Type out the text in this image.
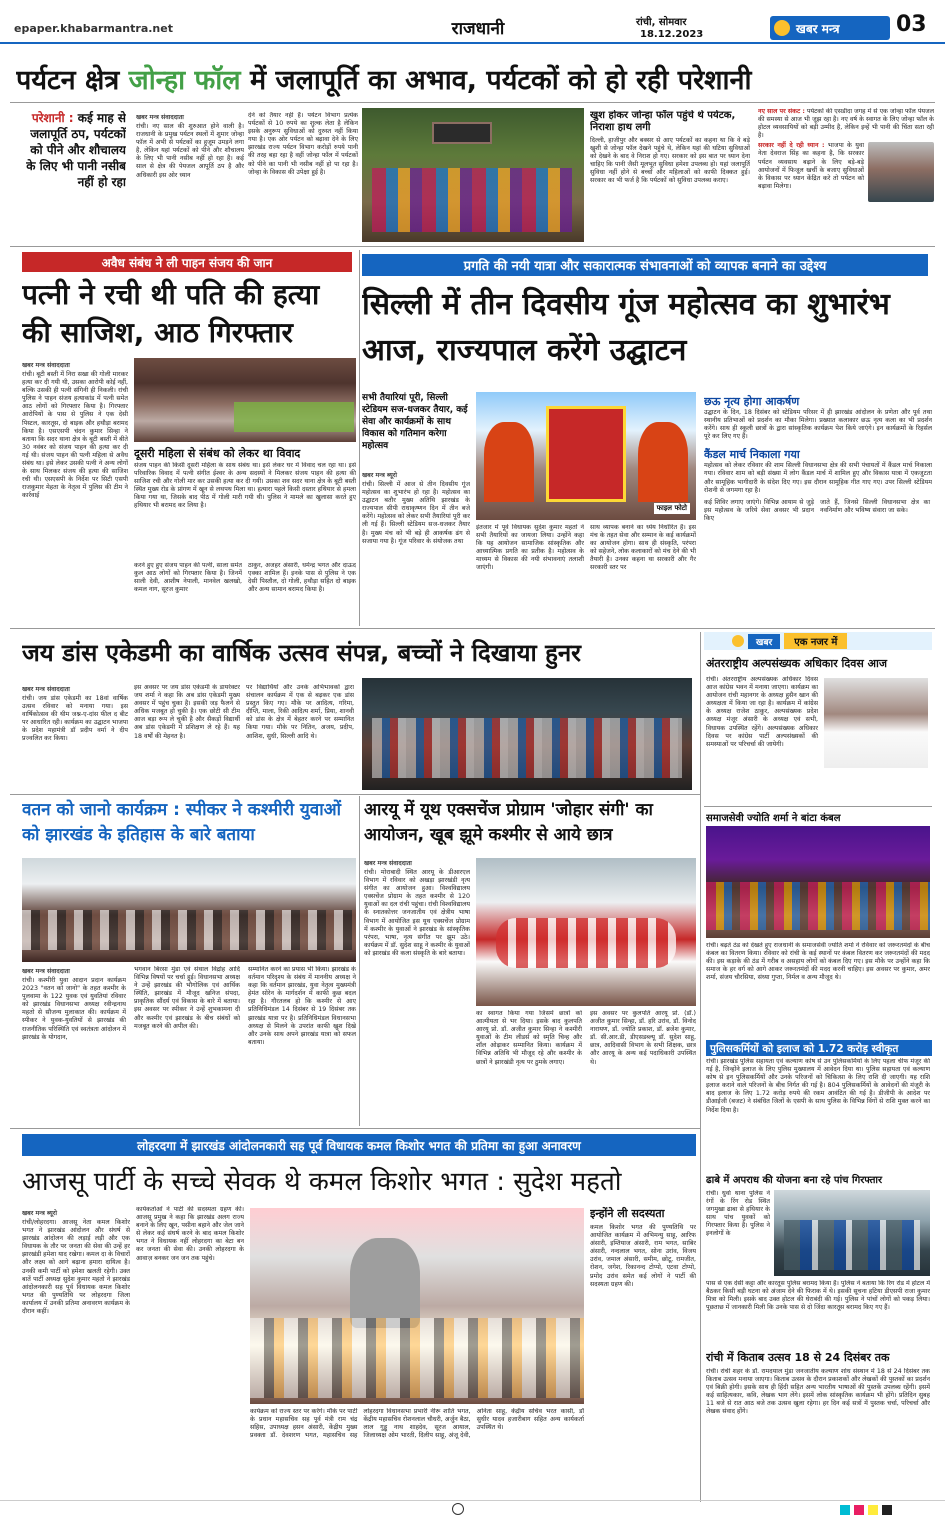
epaper.khabarmantra.net	राजधानी	रांची, सोमवार
18.12.2023	खबर मन्त्र	03
पर्यटन क्षेत्र जोन्हा फॉल में जलापूर्ति का अभाव, पर्यटकों को हो रही परेशानी
परेशानी : कई माह से जलापूर्ति ठप, पर्यटकों को पीने और शौचालय के लिए भी पानी नसीब नहीं हो रहा
खबर मन्त्र संवाददाता
रांची। नए साल की शुरुआत होने वाली है। राजधानी के प्रमुख पर्यटन स्थलों में शुमार जोन्हा फॉल में अभी से पर्यटकों का हुजूम उमड़ने लगा है, लेकिन यहां पर्यटकों को पीने और शौचालय के लिए भी पानी नसीब नहीं हो रहा है। कई साल से क्षेत्र की पेयजल आपूर्ति ठप है और अधिकारी इस ओर ध्यान
देने को तैयार नहीं हैं। पर्यटन विभाग प्रत्येक पर्यटकों से 10 रुपये का शुल्क लेता है लेकिन इसके अनुरूप सुविधाओं को दुरुस्त नहीं किया गया है। एक ओर पर्यटन को बढ़ावा देने के लिए झारखंड राज्य पर्यटन विभाग करोड़ों रुपये पानी की तरह बहा रहा है वहीं जोन्हा फॉल में पर्यटकों को पीने का पानी भी नसीब नहीं हो पा रहा है। जोन्हा के विकास की उपेक्षा हुई है।
खुश होकर जोन्हा फॉल पहुंचे थे पर्यटक, निराशा हाथ लगी
दिल्ली, हाजीपुर और बक्सर से आए पर्यटकों का कहना था कि वे बड़े खुशी से जोन्हा फॉल देखने पहुंचे थे, लेकिन यहां की घटिया सुविधाओं को देखने के बाद वे निराश हो गए। सरकार को इस बात पर ध्यान देना चाहिए कि पानी जैसी मूलभूत सुविधा हमेशा उपलब्ध हो। यहां जलापूर्ति सुविधा नहीं होने से बच्चों और महिलाओं को काफी दिक्कत हुई। सरकार का भी फर्ज है कि पर्यटकों को सुविधा उपलब्ध कराए।
नए साल पर संकट : पर्यटकों की एसडीदा जगह में से एक जोन्हा फॉल पेयजल की समस्या से आज भी जूझ रहा है। नए वर्ष के स्वागत के लिए जोन्हा फॉल के होटल व्यवसायियों को बड़ी उम्मीद है, लेकिन इन्हें भी पानी की चिंता सता रही है।
सरकार नहीं दे रही ध्यान : भाजपा के युवा नेता देवराज सिंह का कहना है, कि सरकार पर्यटन व्यवसाय बढ़ाने के लिए बड़े-बड़े आयोजनों में फिजूल खर्ची के बजाए सुविधाओं के विकास पर ध्यान केंद्रित करे तो पर्यटन को बढ़ावा मिलेगा।
अवैध संबंध ने ली पाहन संजय की जान
पत्नी ने रची थी पति की हत्या की साजिश, आठ गिरफ्तार
खबर मन्त्र संवाददाता
रांची। बूटी बस्ती में निरा सखा की गोली मारकर हत्या कर दी गयी थी, उसका आरोपी कोई नहीं, बल्कि उसकी ही पत्नी संगिनी ही निकली। रांची पुलिस ने पाहन संजय हत्याकांड में पत्नी समेत आठ लोगों को गिरफ्तार किया है। गिरफ्तार आरोपियों के पास से पुलिस ने एक देसी पिस्टल, कारतूस, दो बाइक और हथौड़ा बरामद किया है। एसएसपी चंदन कुमार सिन्हा ने बताया कि सदर थाना क्षेत्र के बूटी बस्ती में बीते 30 नवंबर को संजय पाहन की हत्या कर दी गई थी। संजय पाहन की पत्नी महिला से अवैध संबंध था। इसे लेकर उसकी पत्नी ने अन्य लोगों के साथ मिलकर संजय की हत्या की साजिश रची थी। एसएसपी के निर्देश पर सिटी एसपी राजकुमार मेहता के नेतृत्व में पुलिस की टीम ने कार्रवाई
दूसरी महिला से संबंध को लेकर था विवाद
संजय पाहन की किसी दूसरी महिला के साथ संबंध था। इसे लेकर घर में विवाद चल रहा था। इसे परिवारिक विवाद में पत्नी संगीत ईश्वर के अन्य सदस्यों ने मिलकर संजय पाहन की हत्या की साजिश रची और गोली मार कर उसकी हत्या कर दी गयी। उसका शव सदर थाना क्षेत्र के बूटी बस्ती स्थित मुख्य रोड के प्रांगण में खून से लथपथ मिला था। हत्यारा पहले किसी दस्तार हथियार से हमला किया गया था, जिसके बाद पीठ में गोली मारी गयी थी। पुलिस ने मामले का खुलासा करते हुए हथियार भी बरामद कर लिया है।
करने हुए हुए संजय पाहन की पत्नी, साला समेत कुल आठ लोगों को गिरफ्तार किया है। जिनमें साली देवी, आशीष नेपाली, मानवेल खलखो, कमल नाग, सूरज कुमार
ठाकुर, अजहर अंसारी, धर्मेन्द्र भगत और दाऊद एक्का शामिल हैं। इनके पास से पुलिस ने एक देसी पिस्तौल, दो गोली, हथौड़ा सहित दो बाइक और अन्य सामान बरामद किया है।
प्रगति की नयी यात्रा और सकारात्मक संभावनाओं को व्यापक बनाने का उद्देश्य
सिल्ली में तीन दिवसीय गूंज महोत्सव का शुभारंभ आज, राज्यपाल करेंगे उद्घाटन
सभी तैयारियां पूरी, सिल्ली स्टेडियम सज-धजकर तैयार, कई सेवा और कार्यक्रमों के साथ विकास को गतिमान करेगा महोत्सव
खबर मन्त्र ब्यूरो
रांची। सिल्ली में आज से तीन दिवसीय गूंज महोत्सव का शुभारंभ हो रहा है। महोत्सव का उद्घाटन बतौर मुख्य अतिथि झारखंड के राज्यपाल सीपी राधाकृष्णन दिन में तीन बजे करेंगे। महोत्सव को लेकर सभी तैयारियां पूरी कर ली गई हैं। सिल्ली स्टेडियम सज-धजकर तैयार है। मुख्य मंच को भी बड़े ही आकर्षक ढंग से सजाया गया है। गूंज परिवार के संयोजक तथा
फाइल फोटो
इंतजार में पूर्व विधायक सुदेश कुमार महतो ने सभी तैयारियों का जायजा लिया। उन्होंने कहा कि यह आयोजन सामाजिक सांस्कृतिक और आध्यात्मिक प्रगति का प्रतीक है। महोत्सव के माध्यम से विकास की नयी संभावनाएं तलाशी जाएंगी।
साथ व्यापक बनाने का ध्येय निर्धारित है। इस मंच के तहत सेवा और सम्मान के कई कार्यक्रमों का आयोजन होगा। साथ ही संस्कृति, परंपरा को सहेजने, लोक कलाकारों को मंच देने की भी तैयारी है। उनका कहना था सरकारी और गैर सरकारी स्तर पर
छऊ नृत्य होगा आकर्षण
उद्घाटन के दिन, 18 दिसंबर को स्टेडियम परिसर में ही झारखंड आंदोलन के प्रणेता और पूर्व तथा स्थानीय प्रतिभाओं को प्रदर्शन का मौका मिलेगा। प्रख्यात कलाकार छऊ नृत्य कला का भी प्रदर्शन करेंगे। साथ ही स्कूली छात्रों के द्वारा सांस्कृतिक कार्यक्रम पेश किये जाएंगे। इन कार्यक्रमों के रिहर्सल पूरे कर लिए गए हैं।
कैंडल मार्च निकाला गया
महोत्सव को लेकर रविवार की शाम सिल्ली विधानसभा क्षेत्र की सभी पंचायतों में कैंडल मार्च निकाला गया। रविवार शाम को बड़ी संख्या में लोग कैंडल मार्च में शामिल हुए और विकास यात्रा में एकजुटता और सामूहिक भागीदारी के संदेश दिए गए। इस दौरान सामूहिक गीत गाए गए। उपर सिल्ली स्टेडियम रोशनी से जगमगा रहा है।
कई शिविर लगाए जाएंगे। विभिन्न आयाम से जुड़े इस महोत्सव के जरिये सेवा अवसर भी प्रदान किए
जाते हैं, जिनसे सिल्ली विधानसभा क्षेत्र का नवनिर्माण और भविष्य संवारा जा सके।
जय डांस एकेडमी का वार्षिक उत्सव संपन्न, बच्चों ने दिखाया हुनर
खबर मन्त्र संवाददाता
रांची। जय डांस एकेडमी का 18वां वार्षिक उत्सव रविवार को मनाया गया। इस वार्षिकोत्सव की थीम जश्न-ए-दांस फील द बीट पर आधारित रही। कार्यक्रम का उद्घाटन भाजपा के प्रदेश महामंत्री डॉ प्रदीप वर्मा ने दीप प्रज्वलित कर किया।
इस अवसर पर जय डांस एकेडमी के डायरेक्टर जय शर्मा ने कहा कि अब डांस एकेडमी मुख्य अवसर में पहुंच चुका है। इसकी जड़ फैलने से अधिक मजबूत हो चुकी है। एक छोटी सी टीम आज बड़ा रूप ले चुकी है और सैकड़ों विद्यार्थी अब डांस एकेडमी में प्रशिक्षण ले रहे हैं। यह 18 वर्षों की मेहनत है।
पर विद्यार्थियों और उनके अभिभावकों द्वारा संचालन कार्यक्रम में एक से बढ़कर एक डांस प्रस्तुत किए गए। मौके पर आदित्य, गरिमा, दीप्ति, माला, रिकी आदित्य शर्मा, प्रिया, शानवी को डांस के क्षेत्र में बेहतर करने पर सम्मानित किया गया। मौके पर नितिन, अजय, प्रदीप, आशिश, सुधी, सिल्ली आदि थे।
खबर	एक नजर में
अंतरराष्ट्रीय अल्पसंख्यक अधिकार दिवस आज
रांची। अंतरराष्ट्रीय अल्पसंख्यक अधिकार दिवस आज कांग्रेस भवन में मनाया जाएगा। कार्यक्रम का आयोजन रांची महानगर के अध्यक्ष हुसैन खान की अध्यक्षता में किया जा रहा है। कार्यक्रम में कांग्रेस के अध्यक्ष राजेश ठाकुर, अल्पसंख्यक प्रदेश अध्यक्ष मंजूर अंसारी के अध्यक्ष एवं सभी, विधायक उपस्थित रहेंगे। अल्पसंख्यक अधिकार दिवस पर कांग्रेस पार्टी अल्पसंख्यकों की समस्याओं पर परिचर्चा की जायेगी।
वतन को जानो कार्यक्रम : स्पीकर ने कश्मीरी युवाओं को झारखंड के इतिहास के बारे बताया
खबर मन्त्र संवाददाता
रांची। कश्मीरी युवा आदान प्रदान कार्यक्रम 2023 "वतन को जानो" के तहत कश्मीर के पुलवामा के 122 युवक एवं युवतियां रविवार को झारखंड विधानसभा अध्यक्ष रवीन्द्रनाथ महतो से सौजन्य मुलाकात की। कार्यक्रम में स्पीकर ने युवक-युवतियों से झारखंड की राजनीतिक परिस्थिति एवं स्वतंत्रता आंदोलन में झारखंड के योगदान,
भगवान बिरसा मुंडा एवं संथाल विद्रोह आदि विभिन्न विषयों पर चर्चा हुई। विधानसभा अध्यक्ष ने उन्हें झारखंड की भौगोलिक एवं आर्थिक स्थिति, झारखंड में मौजूद खनिज संपदा, प्राकृतिक सौंदर्य एवं विकास के बारे में बताया। इस अवसर पर स्पीकर ने उन्हें शुभकामना दी और कश्मीर एवं झारखंड के बीच संबंधों को मजबूत करने की अपील की।
सम्मानित करने का प्रयास भी किया। झारखंड के वर्तमान परिदृश्य के संबंध में माननीय अध्यक्ष ने कहा कि वर्तमान झारखंड, युवा नेतृत्व मुख्यमंत्री हेमंत सोरेन के मार्गदर्शन में काफी कुछ बदल रहा है। गौरतलब हो कि कश्मीर से आए प्रतिनिधिमंडल 14 दिसंबर से 19 दिसंबर तक झारखंड यात्रा पर है। प्रतिनिधिमंडल विधानसभा अध्यक्ष से मिलने के उपरांत काफी खुश दिखे और उनके साथ अपने झारखंड यात्रा को सफल बताया।
आरयू में यूथ एक्सचेंज प्रोग्राम 'जोहार संगी' का आयोजन, खूब झूमे कश्मीर से आये छात्र
खबर मन्त्र संवाददाता
रांची। मोराबादी स्थित आरयू के डीआरएल विभाग में रविवार को अखड़ा झारखंडी नृत्य संगीत का आयोजन हुआ। विश्वविद्यालय एक्सचेंज प्रोग्राम के तहत कश्मीर से 120 युवाओं का दल रांची पहुंचा। रांची विश्वविद्यालय के स्नातकोत्तर जनजातीय एवं क्षेत्रीय भाषा विभाग में आयोजित इस यूथ एक्सचेंज प्रोग्राम में कश्मीर के युवाओं ने झारखंड के सांस्कृतिक परंपरा, भाषा, नृत्य संगीत पर झूम उठे। कार्यक्रम में डॉ. सुदेश साहू ने कश्मीर के युवाओं को झारखंड की कला संस्कृति के बारे बताया।
का स्वागत किया गया जिसमें छात्रों को आत्मीयता से भर दिया। इसके बाद कुलपति आरयू प्रो. डॉ. अजीत कुमार सिन्हा ने कश्मीरी युवाओं के टीम लीडर्स को स्मृति चिन्ह और शॉल ओढ़ाकर सम्मानित किया। कार्यक्रम में विभिन्न अतिथि भी मौजूद रहे और कश्मीर के छात्रों ने झारखंडी नृत्य पर ठुमके लगाए।
इस अवसर पर कुलपति आरयू प्रो. (डॉ.) अजीत कुमार सिन्हा, डॉ. हरि उरांव, डॉ. विनोद नारायण, डॉ. ज्योति प्रकाश, डॉ. ब्रजेश कुमार, डॉ. सी.आर.डी, डीएसडब्ल्यू डॉ. सुदेश साहू, छात्र, आदिवासी विभाग के सभी शिक्षक, छात्र और आरयू के अन्य कई पदाधिकारी उपस्थित थे।
समाजसेवी ज्योति शर्मा ने बांटा कंबल
रांची। बढ़ते ठंड को देखते हुए राजधानी के समाजसेवी ज्योति शर्मा ने रविवार को जरूरतमंदों के बीच कंबल का वितरण किया। रविवार को रांची के कई स्थानों पर कंबल वितरण कर जरूरतमंदों की मदद की। इस कड़ाके की ठंड में गरीब व असहाय लोगों को कंबल दिए गए। इस मौके पर उन्होंने कहा कि समाज के हर वर्ग को आगे आकर जरूरतमंदों की मदद करनी चाहिए। इस अवसर पर कुमार, अमर शर्मा, संजय चौरसिया, संध्या गुप्ता, निर्मल व अन्य मौजूद थे।
पुलिसकर्मियों को इलाज को 1.72 करोड़ स्वीकृत
रांची। झारखंड पुलिस सहायता एवं कल्याण कोष से उन पुलिसकर्मियों के लिए पहला चीफ मंजूर की गई है, जिन्होंने इलाज के लिए पुलिस मुख्यालय में आवेदन दिया था। पुलिस सहायता एवं कल्याण कोष से इन पुलिसकर्मियों और उनके परिजनों को चिकित्सा के लिए राशि दी जाएगी। यह राशि इलाज कराने वाले परिजनों के बीच निर्गत की गई है। 804 पुलिसकर्मियों के आवेदनों की मंजूरी के बाद इलाज के लिए 1.72 करोड़ रुपये की रकम आवंटित की गई है। डीजीपी के आदेश पर डीआईजी (बजट) ने संबंधित जिलों के एसपी के साथ पुलिस के विभिन्न विंगों से राशि मुक्त करने का निर्देश दिया है।
लोहरदगा में झारखंड आंदोलनकारी सह पूर्व विधायक कमल किशोर भगत की प्रतिमा का हुआ अनावरण
आजसू पार्टी के सच्चे सेवक थे कमल किशोर भगत : सुदेश महतो
खबर मन्त्र ब्यूरो
रांची/लोहरदगा। आजसू नेता कमल किशोर भगत ने झारखंड आंदोलन और संघर्ष से झारखंड आंदोलन की लड़ाई लड़ी और एक विधायक के तौर पर जनता की सेवा की उन्हें हर झारखंडी हमेशा याद रखेगा। कमल दा के विचारों और लक्ष्य को आगे बढ़ाना हमारा दायित्व है। उनकी कमी पार्टी को हमेशा खलती रहेगी। उक्त बातें पार्टी अध्यक्ष सुदेश कुमार महतो ने झारखंड आंदोलनकारी सह पूर्व विधायक कमल किशोर भगत की पुण्यतिथि पर लोहरदगा जिला कार्यालय में उनकी प्रतिमा अनावरण कार्यक्रम के दौरान कहीं।
कार्यकर्ताओं ने पार्टी की सदस्यता ग्रहण की। आजसू प्रमुख ने कहा कि झारखंड अलग राज्य बनाने के लिए खून, पसीना बहाने और जेल जाने से लेकर कई संघर्ष करने के बाद कमल किशोर भगत ने विधायक नहीं लोहरदगा का बेटा बन कर जनता की सेवा की। उनकी लोहरदगा के आवाज़ बनकर जन जन तक पहुंचे।
कार्यक्रम को राज्य स्तर पर करेंगे। मौके पर पार्टी के प्रधान महासचिव सह पूर्व मंत्री राम चंद्र सहिस, उपाध्यक्ष हसन अंसारी, केंद्रीय मुख्य प्रवक्ता डॉ. देवशरण भगत, महासचिव सह लोहरदगा विधानसभा प्रभारी नीरू शांति भगत, केंद्रीय महासचिव रोशनलाल चौधरी, अर्जुन बैठा, लाल गुड्डू नाथ शाहदेव, सूरज आयाल, जिलाध्यक्ष ओम भारती, दिलीप साहू, अंजू देवी, अनिता साहू, केंद्रीय सचिव भरत कासी, डॉ सुधीर यादव हजारीबाग सहित अन्य कार्यकर्ता उपस्थित थे।
इन्होंने ली सदस्यता
कमल किशोर भगत की पुण्यतिथि पर आयोजित कार्यक्रम में अभिमन्यु साहू, आरिफ अंसारी, इम्तियाज अंसारी, राम भगत, साबिर अंसारी, नन्दलाल भगत, सोना उरांव, विजय उरांव, जमाल अंसारी, समीम, छोटू, रामजीत, रोशन, जगेश, रिकानन्द टोप्पो, एटवा टोप्पो, प्रमोद उरांव समेत कई लोगों ने पार्टी की सदस्यता ग्रहण की।
ढाबे में अपराध की योजना बना रहे पांच गिरफ्तार
रांची। धुर्वा थाना पुलिस ने रंगों के रिंग रोड स्थित जगमुखा ढाबा से हथियार के साथ पांच युवकों को गिरफ्तार किया है। पुलिस ने इनलोगों के
पास से एक देसी कट्टा और कारतूस पुलिस बरामद किया है। पुलिस ने बताया कि रिंग रोड में होटल में बैठकर किसी बड़ी घटना को अंजाम देने की फिराक में थे। इसकी सूचना हटिया डीएसपी राजा कुमार मित्रा को मिली। इसके बाद उक्त होटल की घेराबंदी की गई। पुलिस ने पांचों लोगों को पकड़ लिया। पूछताछ में जानकारी मिली कि उनके पास से दो जिंदा कारतूस बरामद किए गए हैं।
रांची में किताब उत्सव 18 से 24 दिसंबर तक
रांची। रांची शहर के डॉ. रामदयाल मुंडा जनजातीय कल्याण शोध संस्थान में 18 से 24 दिसंबर तक किताब उत्सव मनाया जाएगा। किताब उत्सव के दौरान प्रकाशकों और लेखकों की पुस्तकों का प्रदर्शन एवं बिक्री होगी। इसके साथ ही हिंदी सहित अन्य भारतीय भाषाओं की पुस्तकें उपलब्ध रहेंगी। इसमें कई साहित्यकार, कवि, लेखक भाग लेंगे। इसमें लोक सांस्कृतिक कार्यक्रम भी होंगे। प्रतिदिन सुबह 11 बजे से रात आठ बजे तक उत्सव खुला रहेगा। हर दिन कई सत्रों में पुस्तक चर्चा, परिचर्चा और लेखक संवाद होंगे।
